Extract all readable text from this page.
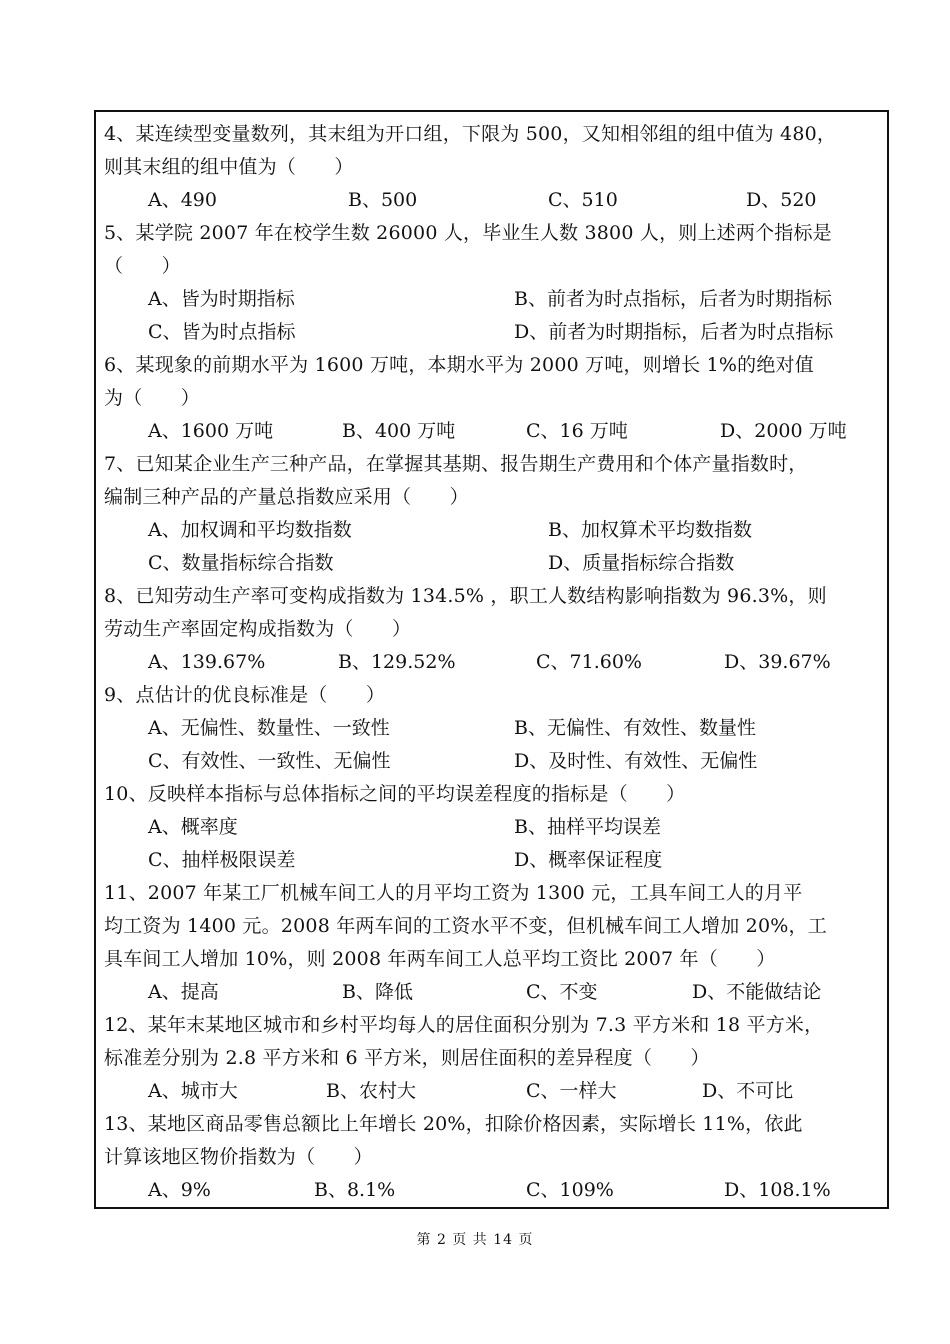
4、某连续型变量数列，其末组为开口组，下限为 500，又知相邻组的组中值为 480，
则其末组的组中值为（　　）
A、490	B、500	C、510	D、520
5、某学院 2007 年在校学生数 26000 人，毕业生人数 3800 人，则上述两个指标是
（　　）
A、皆为时期指标	B、前者为时点指标，后者为时期指标
C、皆为时点指标	D、前者为时期指标，后者为时点指标
6、某现象的前期水平为 1600 万吨，本期水平为 2000 万吨，则增长 1%的绝对值
为（　　）
A、1600 万吨	B、400 万吨	C、16 万吨	D、2000 万吨
7、已知某企业生产三种产品，在掌握其基期、报告期生产费用和个体产量指数时，
编制三种产品的产量总指数应采用（　　）
A、加权调和平均数指数	B、加权算术平均数指数
C、数量指标综合指数	D、质量指标综合指数
8、已知劳动生产率可变构成指数为 134.5% ，职工人数结构影响指数为 96.3%，则
劳动生产率固定构成指数为（　　）
A、139.67%	B、129.52%	C、71.60%	D、39.67%
9、点估计的优良标准是（　　）
A、无偏性、数量性、一致性	B、无偏性、有效性、数量性
C、有效性、一致性、无偏性	D、及时性、有效性、无偏性
10、反映样本指标与总体指标之间的平均误差程度的指标是（　　）
A、概率度	B、抽样平均误差
C、抽样极限误差	D、概率保证程度
11、2007 年某工厂机械车间工人的月平均工资为 1300 元，工具车间工人的月平
均工资为 1400 元。2008 年两车间的工资水平不变，但机械车间工人增加 20%，工
具车间工人增加 10%，则 2008 年两车间工人总平均工资比 2007 年（　　）
A、提高	B、降低	C、不变	D、不能做结论
12、某年末某地区城市和乡村平均每人的居住面积分别为 7.3 平方米和 18 平方米，
标准差分别为 2.8 平方米和 6 平方米，则居住面积的差异程度（　　）
A、城市大	B、农村大	C、一样大	D、不可比
13、某地区商品零售总额比上年增长 20%，扣除价格因素，实际增长 11%，依此
计算该地区物价指数为（　　）
A、9%	B、8.1%	C、109%	D、108.1%
第 2 页 共 14 页
